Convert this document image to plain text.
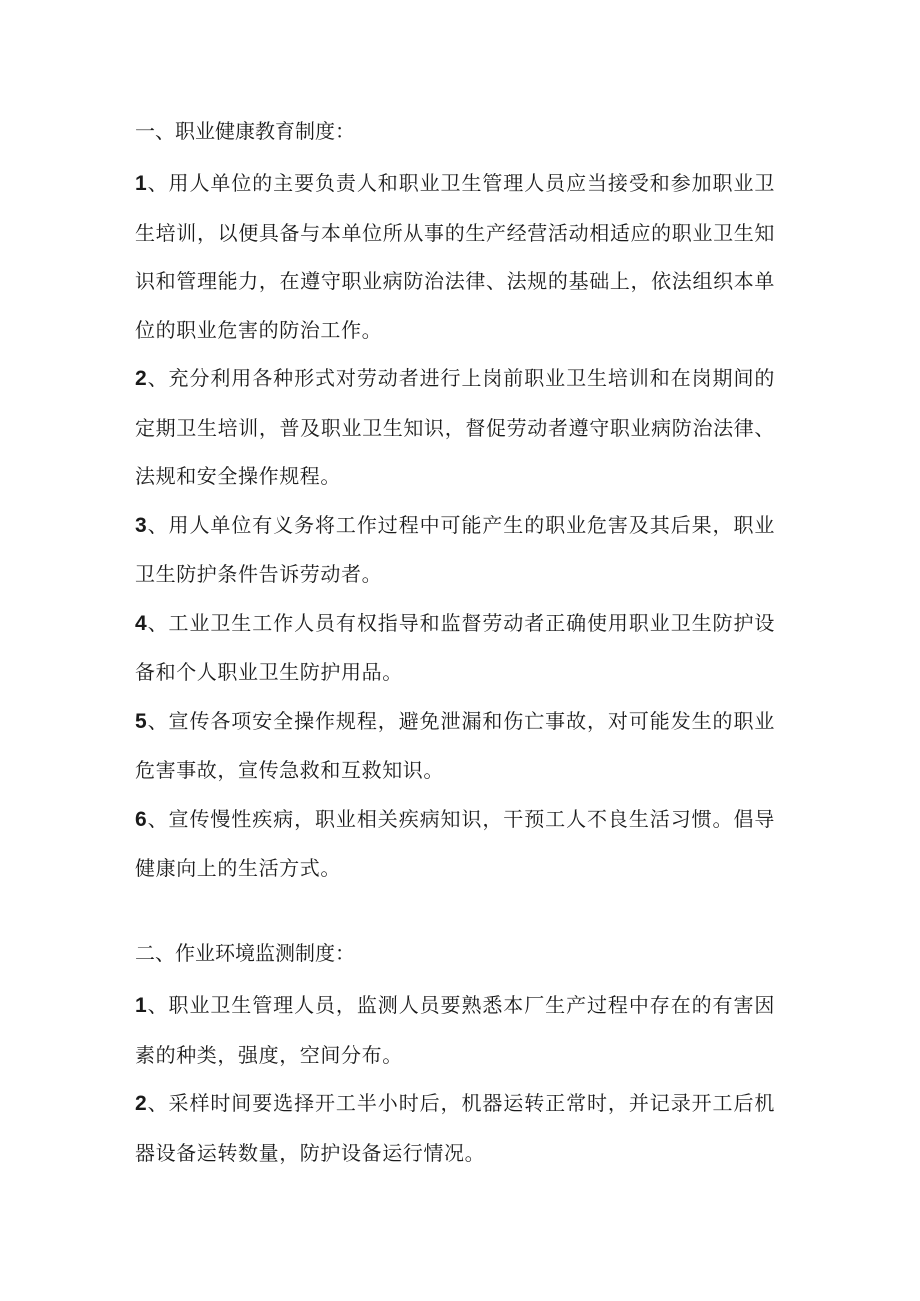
一、职业健康教育制度：

1、用人单位的主要负责人和职业卫生管理人员应当接受和参加职业卫生培训，以便具备与本单位所从事的生产经营活动相适应的职业卫生知识和管理能力，在遵守职业病防治法律、法规的基础上，依法组织本单位的职业危害的防治工作。

2、充分利用各种形式对劳动者进行上岗前职业卫生培训和在岗期间的定期卫生培训，普及职业卫生知识，督促劳动者遵守职业病防治法律、法规和安全操作规程。

3、用人单位有义务将工作过程中可能产生的职业危害及其后果，职业卫生防护条件告诉劳动者。

4、工业卫生工作人员有权指导和监督劳动者正确使用职业卫生防护设备和个人职业卫生防护用品。

5、宣传各项安全操作规程，避免泄漏和伤亡事故，对可能发生的职业危害事故，宣传急救和互救知识。

6、宣传慢性疾病，职业相关疾病知识，干预工人不良生活习惯。倡导健康向上的生活方式。

二、作业环境监测制度：

1、职业卫生管理人员，监测人员要熟悉本厂生产过程中存在的有害因素的种类，强度，空间分布。

2、采样时间要选择开工半小时后，机器运转正常时，并记录开工后机器设备运转数量，防护设备运行情况。
